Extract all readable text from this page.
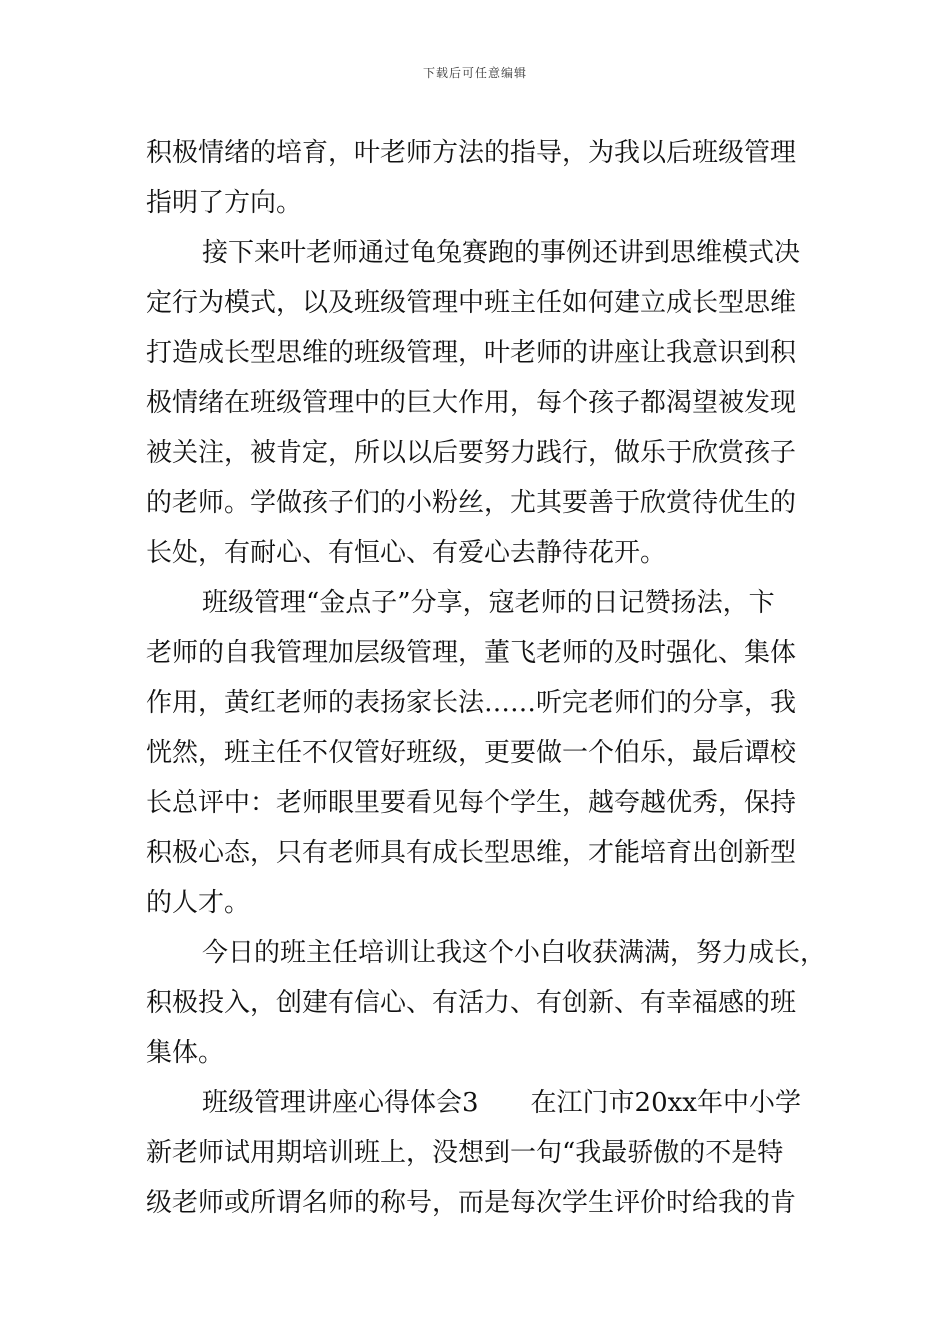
下载后可任意编辑
积极情绪的培育，叶老师方法的指导，为我以后班级管理
指明了方向。
接下来叶老师通过龟兔赛跑的事例还讲到思维模式决
定行为模式，以及班级管理中班主任如何建立成长型思维
打造成长型思维的班级管理，叶老师的讲座让我意识到积
极情绪在班级管理中的巨大作用，每个孩子都渴望被发现
被关注，被肯定，所以以后要努力践行，做乐于欣赏孩子
的老师。学做孩子们的小粉丝，尤其要善于欣赏待优生的
长处，有耐心、有恒心、有爱心去静待花开。
班级管理“金点子”分享，寇老师的日记赞扬法，卞
老师的自我管理加层级管理，董飞老师的及时强化、集体
作用，黄红老师的表扬家长法……听完老师们的分享，我
恍然，班主任不仅管好班级，更要做一个伯乐，最后谭校
长总评中：老师眼里要看见每个学生，越夸越优秀，保持
积极心态，只有老师具有成长型思维，才能培育出创新型
的人才。
今日的班主任培训让我这个小白收获满满，努力成长，
积极投入，创建有信心、有活力、有创新、有幸福感的班
集体。
班级管理讲座心得体会3 在江门市20xx年中小学
新老师试用期培训班上，没想到一句“我最骄傲的不是特
级老师或所谓名师的称号，而是每次学生评价时给我的肯
